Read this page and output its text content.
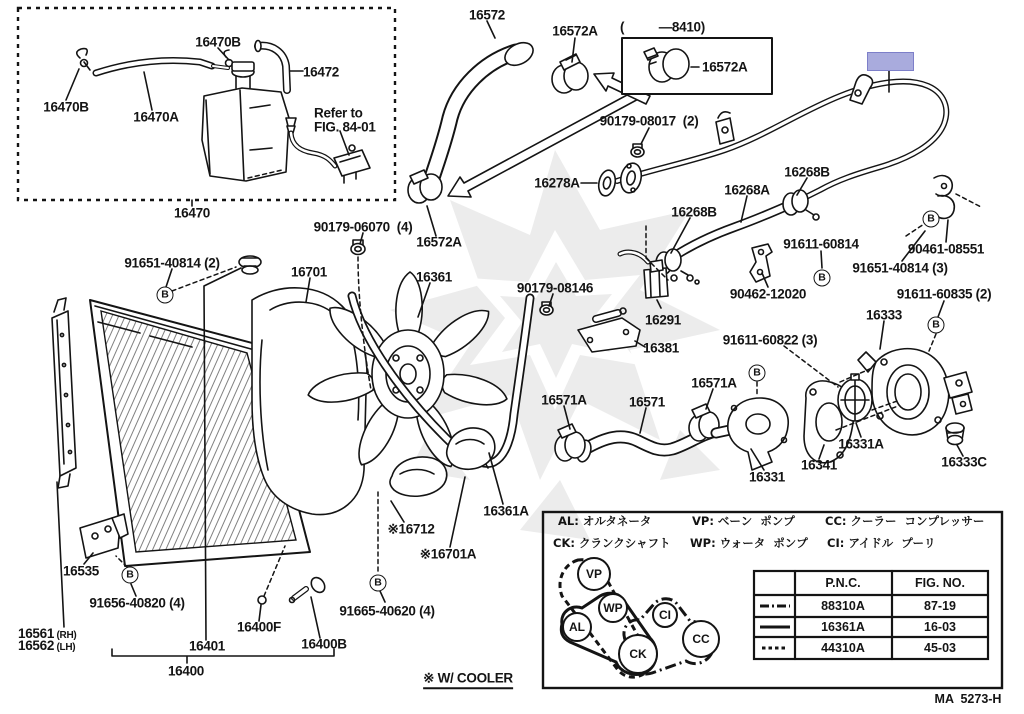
16470B
16472
16470B
16470A	Refer to
FIG. 84-01
16470
16572
16572A (          —8410)
16572A
90179-08017  (2)
16278A	16268A
16268B
16268B
91611-60814
90462-12020
90461-08551
91651-40814 (3)
91611-60835 (2)
16333
91611-60822 (3)
16331A
16341	16333C
16331
16571A
16571
16571A
16381
16291
90179-08146
90179-06070  (4)
16572A
16361
16701
91651-40814 (2)
16535
91656-40820 (4)
16561 (RH)
16562 (LH)	16401
16400
16400F
16400B
91665-40620 (4)
※16712
※16701A
16361A
B
B
B
B
B
B
B
AL: オルタネータ	VP: ベーン  ポンプ	CC: クーラー  コンプレッサー
CK: クランクシャフト WP: ウォータ  ポンプ CI: アイドル  プーリ
VP
WP
AL
CK
CI
CC
P.N.C.	FIG. NO.
88310A	87-19
16361A	16-03
44310A	45-03
※ W/ COOLER
MA  5273-H
